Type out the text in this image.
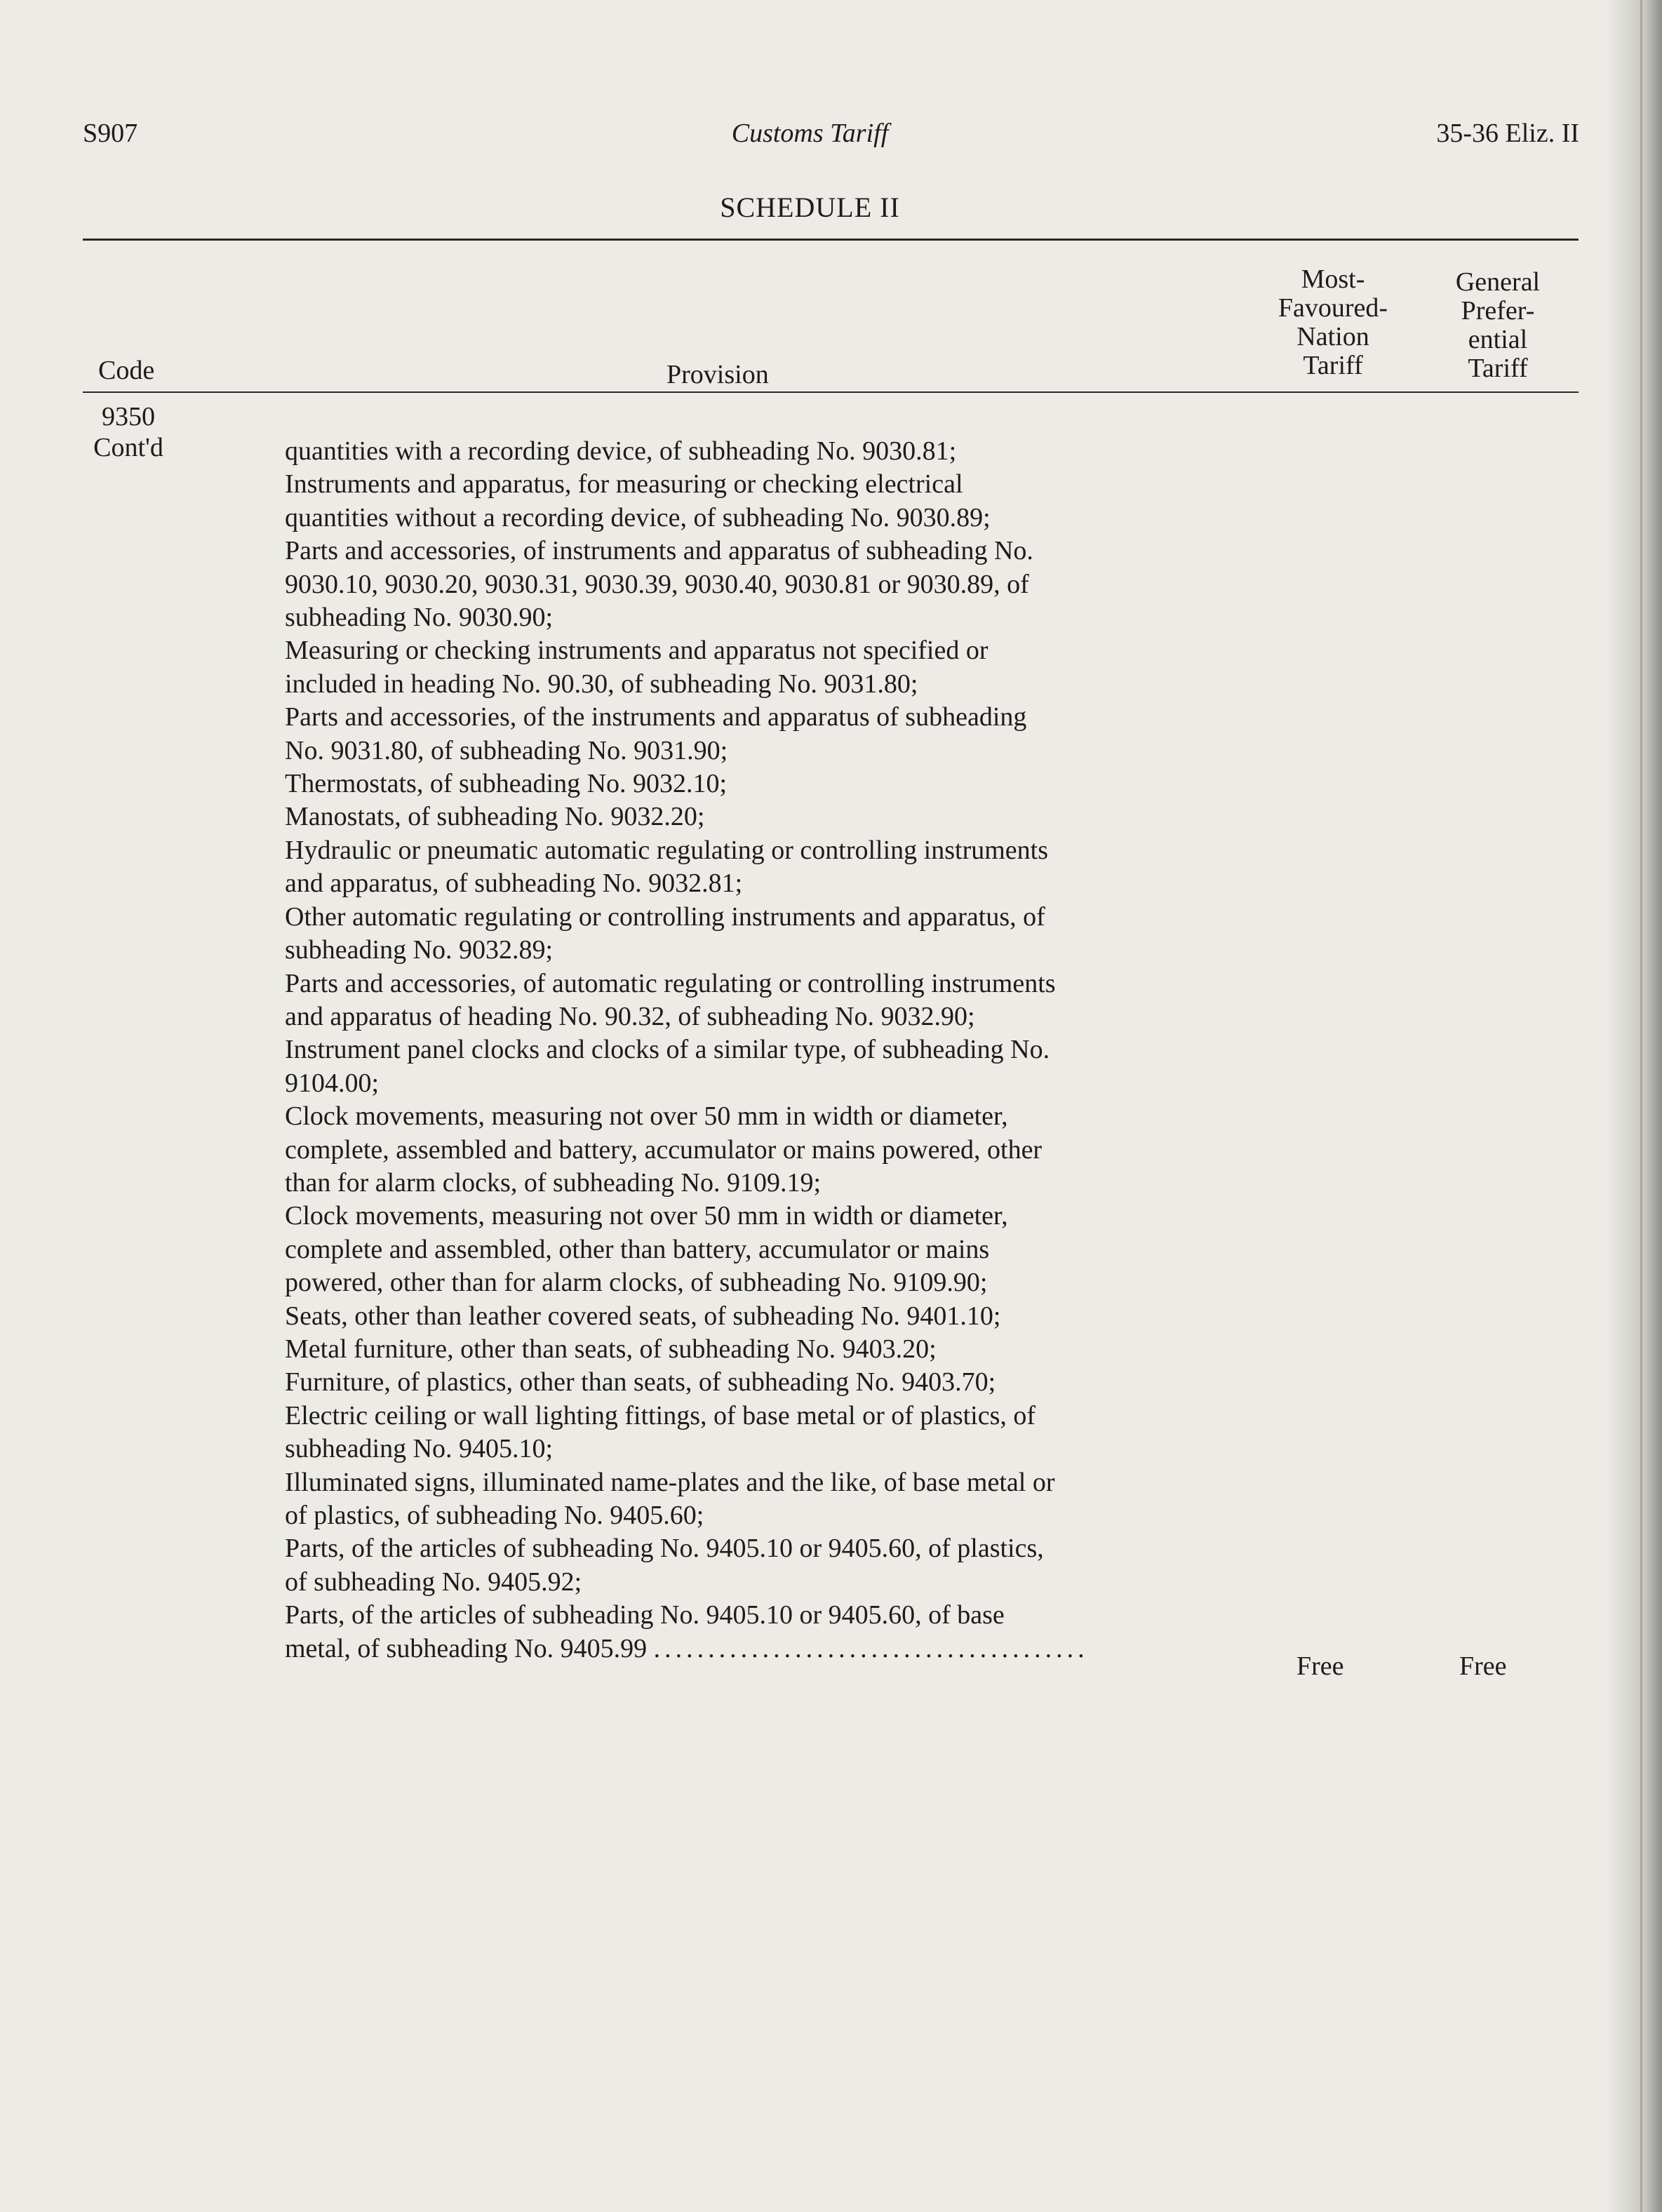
S907	Customs Tariff	35-36 Eliz. II
SCHEDULE II
Code	Provision
Most-
Favoured-
Nation
Tariff
General
Prefer-
ential
Tariff
9350
Cont'd	quantities with a recording device, of subheading No. 9030.81;
Instruments and apparatus, for measuring or checking electrical
quantities without a recording device, of subheading No. 9030.89;
Parts and accessories, of instruments and apparatus of subheading No.
9030.10, 9030.20, 9030.31, 9030.39, 9030.40, 9030.81 or 9030.89, of
subheading No. 9030.90;
Measuring or checking instruments and apparatus not specified or
included in heading No. 90.30, of subheading No. 9031.80;
Parts and accessories, of the instruments and apparatus of subheading
No. 9031.80, of subheading No. 9031.90;
Thermostats, of subheading No. 9032.10;
Manostats, of subheading No. 9032.20;
Hydraulic or pneumatic automatic regulating or controlling instruments
and apparatus, of subheading No. 9032.81;
Other automatic regulating or controlling instruments and apparatus, of
subheading No. 9032.89;
Parts and accessories, of automatic regulating or controlling instruments
and apparatus of heading No. 90.32, of subheading No. 9032.90;
Instrument panel clocks and clocks of a similar type, of subheading No.
9104.00;
Clock movements, measuring not over 50 mm in width or diameter,
complete, assembled and battery, accumulator or mains powered, other
than for alarm clocks, of subheading No. 9109.19;
Clock movements, measuring not over 50 mm in width or diameter,
complete and assembled, other than battery, accumulator or mains
powered, other than for alarm clocks, of subheading No. 9109.90;
Seats, other than leather covered seats, of subheading No. 9401.10;
Metal furniture, other than seats, of subheading No. 9403.20;
Furniture, of plastics, other than seats, of subheading No. 9403.70;
Electric ceiling or wall lighting fittings, of base metal or of plastics, of
subheading No. 9405.10;
Illuminated signs, illuminated name-plates and the like, of base metal or
of plastics, of subheading No. 9405.60;
Parts, of the articles of subheading No. 9405.10 or 9405.60, of plastics,
of subheading No. 9405.92;
Parts, of the articles of subheading No. 9405.10 or 9405.60, of base
metal, of subheading No. 9405.99 ........................................
Free	Free
